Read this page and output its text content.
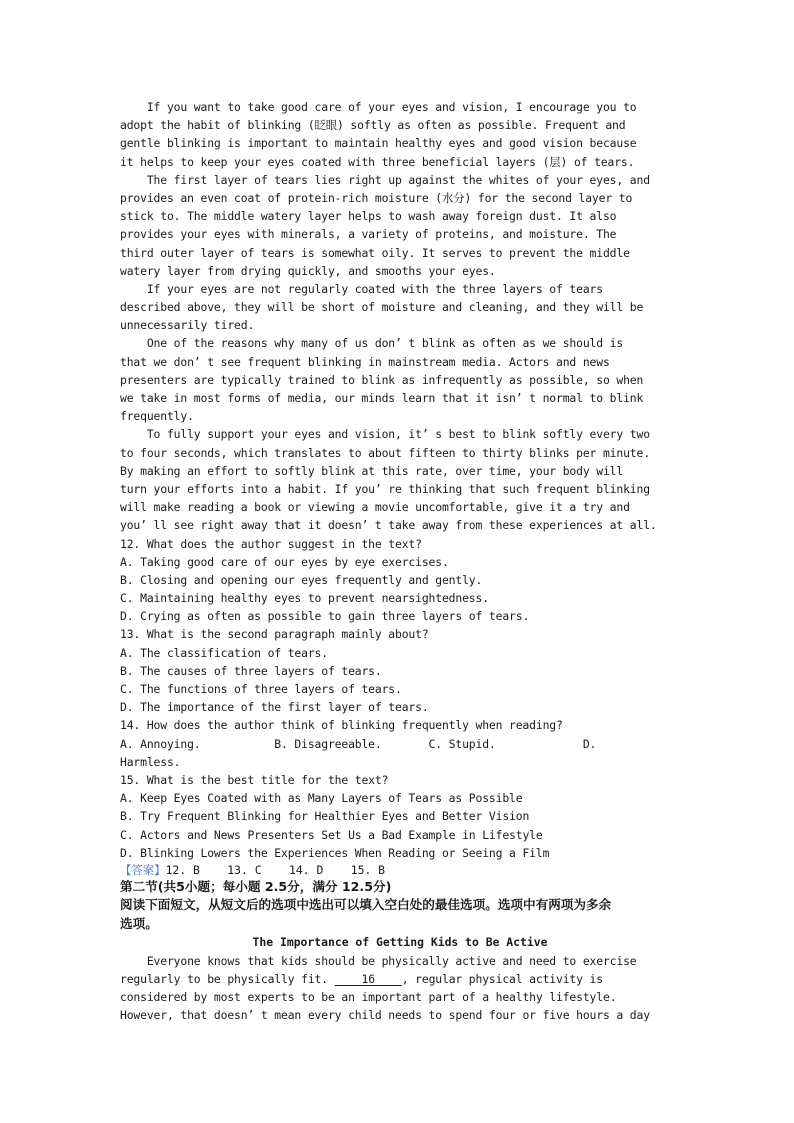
If you want to take good care of your eyes and vision, I encourage you to
adopt the habit of blinking (眨眼) softly as often as possible. Frequent and
gentle blinking is important to maintain healthy eyes and good vision because
it helps to keep your eyes coated with three beneficial layers (层) of tears.
The first layer of tears lies right up against the whites of your eyes, and
provides an even coat of protein-rich moisture (水分) for the second layer to
stick to. The middle watery layer helps to wash away foreign dust. It also
provides your eyes with minerals, a variety of proteins, and moisture. The
third outer layer of tears is somewhat oily. It serves to prevent the middle
watery layer from drying quickly, and smooths your eyes.
If your eyes are not regularly coated with the three layers of tears
described above, they will be short of moisture and cleaning, and they will be
unnecessarily tired.
One of the reasons why many of us don’ t blink as often as we should is
that we don’ t see frequent blinking in mainstream media. Actors and news
presenters are typically trained to blink as infrequently as possible, so when
we take in most forms of media, our minds learn that it isn’ t normal to blink
frequently.
To fully support your eyes and vision, it’ s best to blink softly every two
to four seconds, which translates to about fifteen to thirty blinks per minute.
By making an effort to softly blink at this rate, over time, your body will
turn your efforts into a habit. If you’ re thinking that such frequent blinking
will make reading a book or viewing a movie uncomfortable, give it a try and
you’ ll see right away that it doesn’ t take away from these experiences at all.
12. What does the author suggest in the text?
A. Taking good care of our eyes by eye exercises.
B. Closing and opening our eyes frequently and gently.
C. Maintaining healthy eyes to prevent nearsightedness.
D. Crying as often as possible to gain three layers of tears.
13. What is the second paragraph mainly about?
A. The classification of tears.
B. The causes of three layers of tears.
C. The functions of three layers of tears.
D. The importance of the first layer of tears.
14. How does the author think of blinking frequently when reading?
A. Annoying.           B. Disagreeable.       C. Stupid.             D.
Harmless.
15. What is the best title for the text?
A. Keep Eyes Coated with as Many Layers of Tears as Possible
B. Try Frequent Blinking for Healthier Eyes and Better Vision
C. Actors and News Presenters Set Us a Bad Example in Lifestyle
D. Blinking Lowers the Experiences When Reading or Seeing a Film
【答案】12. B    13. C    14. D    15. B
第二节(共5小题；每小题 2.5分，满分 12.5分)
阅读下面短文，从短文后的选项中选出可以填入空白处的最佳选项。选项中有两项为多余
选项。
The Importance of Getting Kids to Be Active
Everyone knows that kids should be physically active and need to exercise
regularly to be physically fit.     16    , regular physical activity is
considered by most experts to be an important part of a healthy lifestyle.
However, that doesn’ t mean every child needs to spend four or five hours a day
